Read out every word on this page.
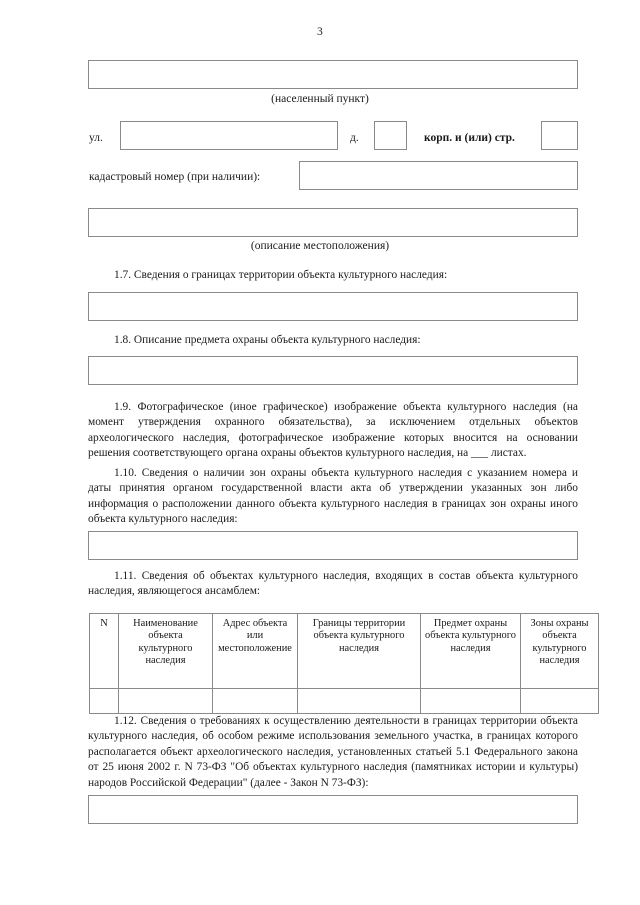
3
(населенный пункт)
ул.	д.	корп. и (или) стр.
кадастровый номер (при наличии):
(описание местоположения)
1.7. Сведения о границах территории объекта культурного наследия:
1.8. Описание предмета охраны объекта культурного наследия:
1.9. Фотографическое (иное графическое) изображение объекта культурного наследия (на момент утверждения охранного обязательства), за исключением отдельных объектов археологического наследия, фотографическое изображение которых вносится на основании решения соответствующего органа охраны объектов культурного наследия, на ___ листах.
1.10. Сведения о наличии зон охраны объекта культурного наследия с указанием номера и даты принятия органом государственной власти акта об утверждении указанных зон либо информация о расположении данного объекта культурного наследия в границах зон охраны иного объекта культурного наследия:
1.11. Сведения об объектах культурного наследия, входящих в состав объекта культурного наследия, являющегося ансамблем:
N	Наименование объекта культурного наследия	Адрес объекта или местоположение	Границы территории объекта культурного наследия	Предмет охраны объекта культурного наследия	Зоны охраны объекта культурного наследия

1.12. Сведения о требованиях к осуществлению деятельности в границах территории объекта культурного наследия, об особом режиме использования земельного участка, в границах которого располагается объект археологического наследия, установленных статьей 5.1 Федерального закона от 25 июня 2002 г. N 73-ФЗ "Об объектах культурного наследия (памятниках истории и культуры) народов Российской Федерации" (далее - Закон N 73-ФЗ):
